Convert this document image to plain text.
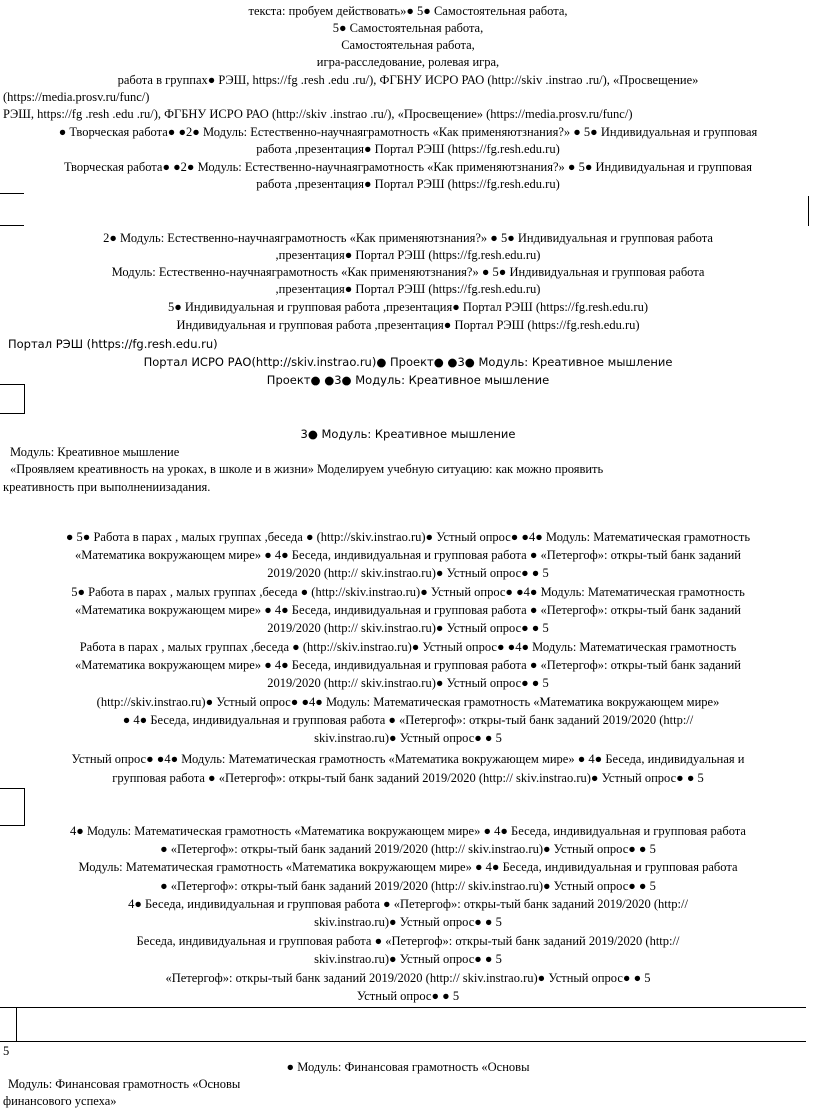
текста: пробуем действовать»● 5● Самостоятельная работа,
5● Самостоятельная работа,
Самостоятельная работа,
игра-расследование, ролевая игра,
работа в группах● РЭШ, https://fg .resh .edu .ru/), ФГБНУ ИСРО РАО (http://skiv .instrao .ru/), «Просвещение»
(https://media.prosv.ru/func/)
РЭШ, https://fg .resh .edu .ru/), ФГБНУ ИСРО РАО (http://skiv .instrao .ru/), «Просвещение» (https://media.prosv.ru/func/)
● Творческая работа● ●2● Модуль: Естественно-научнаяграмотность «Как применяютзнания?» ● 5● Индивидуальная и групповая
работа ,презентация● Портал РЭШ (https://fg.resh.edu.ru)
Творческая работа● ●2● Модуль: Естественно-научнаяграмотность «Как применяютзнания?» ● 5● Индивидуальная и групповая
работа ,презентация● Портал РЭШ (https://fg.resh.edu.ru)
2● Модуль: Естественно-научнаяграмотность «Как применяютзнания?» ● 5● Индивидуальная и групповая работа
,презентация● Портал РЭШ (https://fg.resh.edu.ru)
Модуль: Естественно-научнаяграмотность «Как применяютзнания?» ● 5● Индивидуальная и групповая работа
,презентация● Портал РЭШ (https://fg.resh.edu.ru)
5● Индивидуальная и групповая работа ,презентация● Портал РЭШ (https://fg.resh.edu.ru)
Индивидуальная и групповая работа ,презентация● Портал РЭШ (https://fg.resh.edu.ru)
Портал РЭШ (https://fg.resh.edu.ru)
Портал ИСРО РАО(http://skiv.instrao.ru)● Проект● ●3● Модуль: Креативное мышление
Проект● ●3● Модуль: Креативное мышление
3● Модуль: Креативное мышление
Модуль: Креативное мышление
«Проявляем креативность на уроках, в школе и в жизни» Моделируем учебную ситуацию: как можно проявить
креативность при выполнениизадания.
● 5● Работа в парах , малых группах ,беседа ● (http://skiv.instrao.ru)● Устный опрос● ●4● Модуль: Математическая грамотность
«Математика вокружающем мире» ● 4● Беседа, индивидуальная и групповая работа ● «Петергоф»: откры-тый банк заданий
2019/2020 (http:// skiv.instrao.ru)● Устный опрос● ● 5
5● Работа в парах , малых группах ,беседа ● (http://skiv.instrao.ru)● Устный опрос● ●4● Модуль: Математическая грамотность
«Математика вокружающем мире» ● 4● Беседа, индивидуальная и групповая работа ● «Петергоф»: откры-тый банк заданий
2019/2020 (http:// skiv.instrao.ru)● Устный опрос● ● 5
Работа в парах , малых группах ,беседа ● (http://skiv.instrao.ru)● Устный опрос● ●4● Модуль: Математическая грамотность
«Математика вокружающем мире» ● 4● Беседа, индивидуальная и групповая работа ● «Петергоф»: откры-тый банк заданий
2019/2020 (http:// skiv.instrao.ru)● Устный опрос● ● 5
(http://skiv.instrao.ru)● Устный опрос● ●4● Модуль: Математическая грамотность «Математика вокружающем мире»
● 4● Беседа, индивидуальная и групповая работа ● «Петергоф»: откры-тый банк заданий 2019/2020 (http://
skiv.instrao.ru)● Устный опрос● ● 5
Устный опрос● ●4● Модуль: Математическая грамотность «Математика вокружающем мире» ● 4● Беседа, индивидуальная и
групповая работа ● «Петергоф»: откры-тый банк заданий 2019/2020 (http:// skiv.instrao.ru)● Устный опрос● ● 5
4● Модуль: Математическая грамотность «Математика вокружающем мире» ● 4● Беседа, индивидуальная и групповая работа
● «Петергоф»: откры-тый банк заданий 2019/2020 (http:// skiv.instrao.ru)● Устный опрос● ● 5
Модуль: Математическая грамотность «Математика вокружающем мире» ● 4● Беседа, индивидуальная и групповая работа
● «Петергоф»: откры-тый банк заданий 2019/2020 (http:// skiv.instrao.ru)● Устный опрос● ● 5
4● Беседа, индивидуальная и групповая работа ● «Петергоф»: откры-тый банк заданий 2019/2020 (http://
skiv.instrao.ru)● Устный опрос● ● 5
Беседа, индивидуальная и групповая работа ● «Петергоф»: откры-тый банк заданий 2019/2020 (http://
skiv.instrao.ru)● Устный опрос● ● 5
«Петергоф»: откры-тый банк заданий 2019/2020 (http:// skiv.instrao.ru)● Устный опрос● ● 5
Устный опрос● ● 5
5
● Модуль: Финансовая грамотность «Основы
Модуль: Финансовая грамотность «Основы
финансового успеха»
